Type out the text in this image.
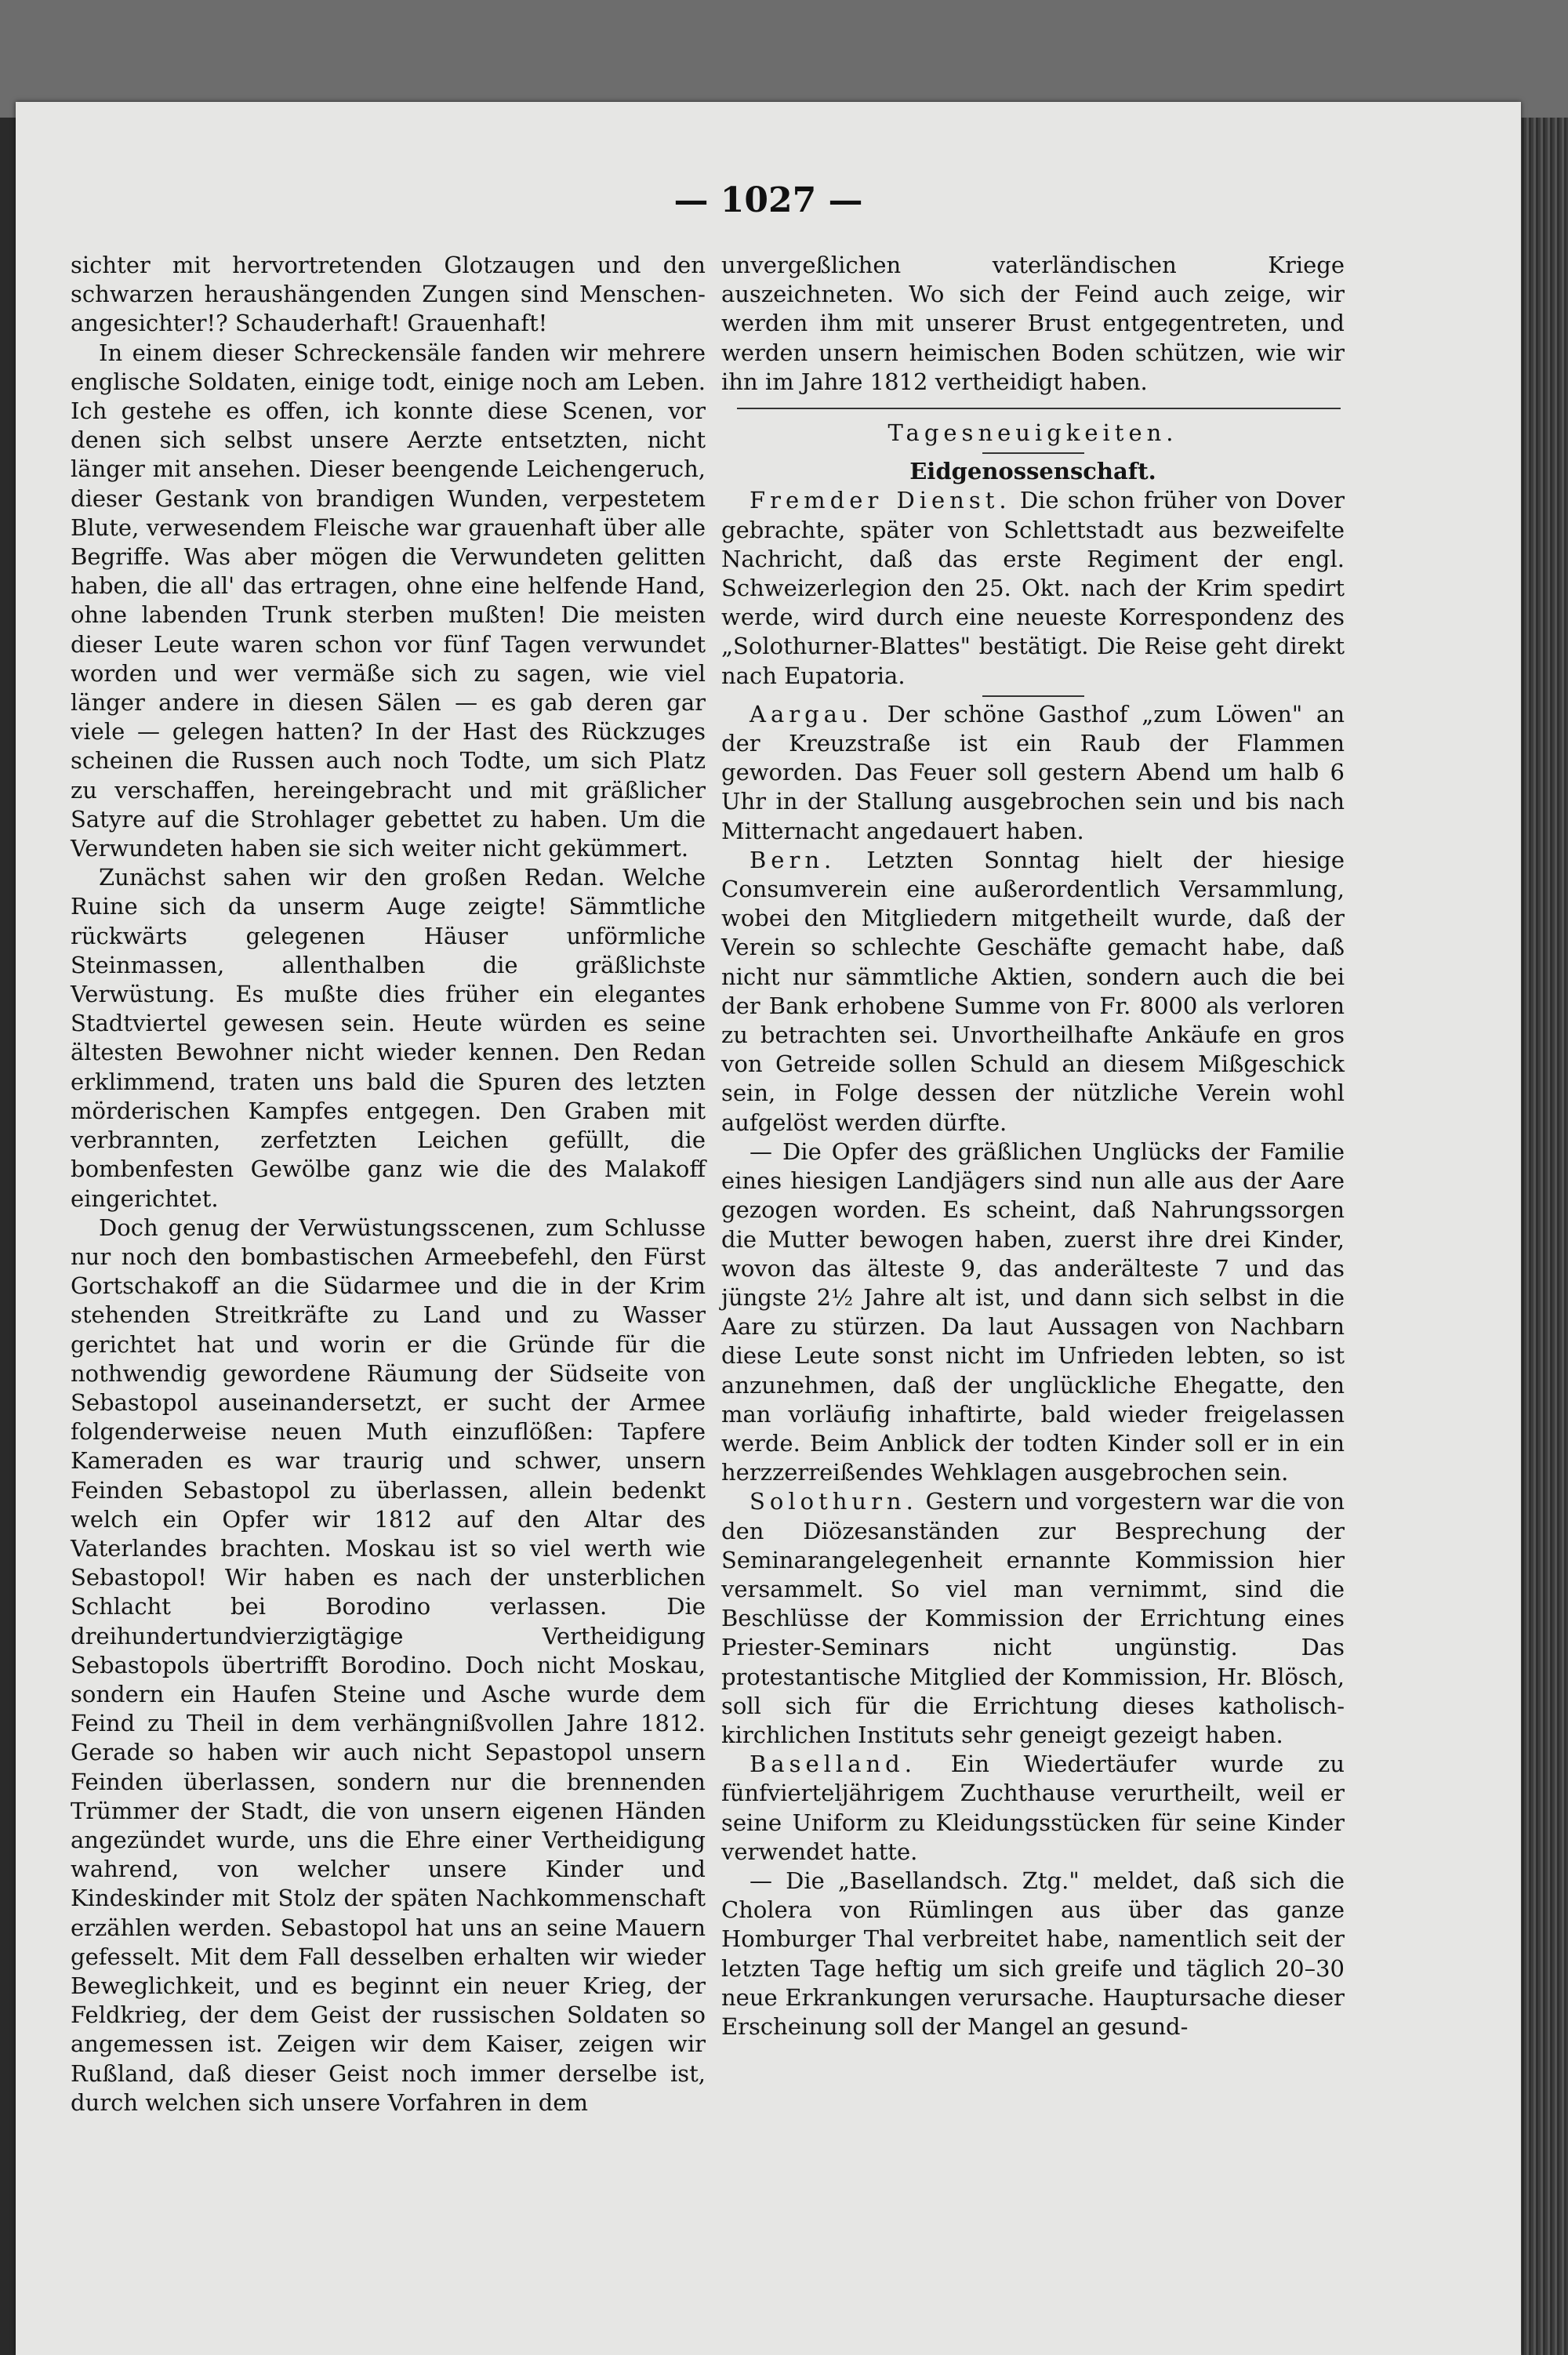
— 1027 —

sichter mit hervortretenden Glotzaugen und den schwarzen heraushängenden Zungen sind Menschen-angesichter!? Schauderhaft! Grauenhaft!

In einem dieser Schreckensäle fanden wir mehrere englische Soldaten, einige todt, einige noch am Leben. Ich gestehe es offen, ich konnte diese Scenen, vor denen sich selbst unsere Aerzte entsetzten, nicht länger mit ansehen. Dieser beengende Leichengeruch, dieser Gestank von brandigen Wunden, verpestetem Blute, verwesendem Fleische war grauenhaft über alle Begriffe. Was aber mögen die Verwundeten gelitten haben, die all' das ertragen, ohne eine helfende Hand, ohne labenden Trunk sterben mußten! Die meisten dieser Leute waren schon vor fünf Tagen verwundet worden und wer vermäße sich zu sagen, wie viel länger andere in diesen Sälen — es gab deren gar viele — gelegen hatten? In der Hast des Rückzuges scheinen die Russen auch noch Todte, um sich Platz zu verschaffen, hereingebracht und mit gräßlicher Satyre auf die Strohlager gebettet zu haben. Um die Verwundeten haben sie sich weiter nicht gekümmert.

Zunächst sahen wir den großen Redan. Welche Ruine sich da unserm Auge zeigte! Sämmtliche rückwärts gelegenen Häuser unförmliche Steinmassen, allenthalben die gräßlichste Verwüstung. Es mußte dies früher ein elegantes Stadtviertel gewesen sein. Heute würden es seine ältesten Bewohner nicht wieder kennen. Den Redan erklimmend, traten uns bald die Spuren des letzten mörderischen Kampfes entgegen. Den Graben mit verbrannten, zerfetzten Leichen gefüllt, die bombenfesten Gewölbe ganz wie die des Malakoff eingerichtet.

Doch genug der Verwüstungsscenen, zum Schlusse nur noch den bombastischen Armeebefehl, den Fürst Gortschakoff an die Südarmee und die in der Krim stehenden Streitkräfte zu Land und zu Wasser gerichtet hat und worin er die Gründe für die nothwendig gewordene Räumung der Südseite von Sebastopol auseinandersetzt, er sucht der Armee folgenderweise neuen Muth einzuflößen: Tapfere Kameraden es war traurig und schwer, unsern Feinden Sebastopol zu überlassen, allein bedenkt welch ein Opfer wir 1812 auf den Altar des Vaterlandes brachten. Moskau ist so viel werth wie Sebastopol! Wir haben es nach der unsterblichen Schlacht bei Borodino verlassen. Die dreihundertundvierzigtägige Vertheidigung Sebastopols übertrifft Borodino. Doch nicht Moskau, sondern ein Haufen Steine und Asche wurde dem Feind zu Theil in dem verhängnißvollen Jahre 1812. Gerade so haben wir auch nicht Sepastopol unsern Feinden überlassen, sondern nur die brennenden Trümmer der Stadt, die von unsern eigenen Händen angezündet wurde, uns die Ehre einer Vertheidigung wahrend, von welcher unsere Kinder und Kindeskinder mit Stolz der späten Nachkommenschaft erzählen werden. Sebastopol hat uns an seine Mauern gefesselt. Mit dem Fall desselben erhalten wir wieder Beweglichkeit, und es beginnt ein neuer Krieg, der Feldkrieg, der dem Geist der russischen Soldaten so angemessen ist. Zeigen wir dem Kaiser, zeigen wir Rußland, daß dieser Geist noch immer derselbe ist, durch welchen sich unsere Vorfahren in dem

unvergeßlichen vaterländischen Kriege auszeichneten. Wo sich der Feind auch zeige, wir werden ihm mit unserer Brust entgegentreten, und werden unsern heimischen Boden schützen, wie wir ihn im Jahre 1812 vertheidigt haben.

Tagesneuigkeiten.

Eidgenossenschaft.

Fremder Dienst. Die schon früher von Dover gebrachte, später von Schlettstadt aus bezweifelte Nachricht, daß das erste Regiment der engl. Schweizerlegion den 25. Okt. nach der Krim spedirt werde, wird durch eine neueste Korrespondenz des „Solothurner-Blattes" bestätigt. Die Reise geht direkt nach Eupatoria.

Aargau. Der schöne Gasthof „zum Löwen" an der Kreuzstraße ist ein Raub der Flammen geworden. Das Feuer soll gestern Abend um halb 6 Uhr in der Stallung ausgebrochen sein und bis nach Mitternacht angedauert haben.

Bern. Letzten Sonntag hielt der hiesige Consumverein eine außerordentlich Versammlung, wobei den Mitgliedern mitgetheilt wurde, daß der Verein so schlechte Geschäfte gemacht habe, daß nicht nur sämmtliche Aktien, sondern auch die bei der Bank erhobene Summe von Fr. 8000 als verloren zu betrachten sei. Unvortheilhafte Ankäufe en gros von Getreide sollen Schuld an diesem Mißgeschick sein, in Folge dessen der nützliche Verein wohl aufgelöst werden dürfte.

— Die Opfer des gräßlichen Unglücks der Familie eines hiesigen Landjägers sind nun alle aus der Aare gezogen worden. Es scheint, daß Nahrungssorgen die Mutter bewogen haben, zuerst ihre drei Kinder, wovon das älteste 9, das anderälteste 7 und das jüngste 2½ Jahre alt ist, und dann sich selbst in die Aare zu stürzen. Da laut Aussagen von Nachbarn diese Leute sonst nicht im Unfrieden lebten, so ist anzunehmen, daß der unglückliche Ehegatte, den man vorläufig inhaftirte, bald wieder freigelassen werde. Beim Anblick der todten Kinder soll er in ein herzzerreißendes Wehklagen ausgebrochen sein.

Solothurn. Gestern und vorgestern war die von den Diözesanständen zur Besprechung der Seminarangelegenheit ernannte Kommission hier versammelt. So viel man vernimmt, sind die Beschlüsse der Kommission der Errichtung eines Priester-Seminars nicht ungünstig. Das protestantische Mitglied der Kommission, Hr. Blösch, soll sich für die Errichtung dieses katholisch-kirchlichen Instituts sehr geneigt gezeigt haben.

Baselland. Ein Wiedertäufer wurde zu fünfvierteljährigem Zuchthause verurtheilt, weil er seine Uniform zu Kleidungsstücken für seine Kinder verwendet hatte.

— Die „Basellandsch. Ztg." meldet, daß sich die Cholera von Rümlingen aus über das ganze Homburger Thal verbreitet habe, namentlich seit der letzten Tage heftig um sich greife und täglich 20–30 neue Erkrankungen verursache. Hauptursache dieser Erscheinung soll der Mangel an gesund-
